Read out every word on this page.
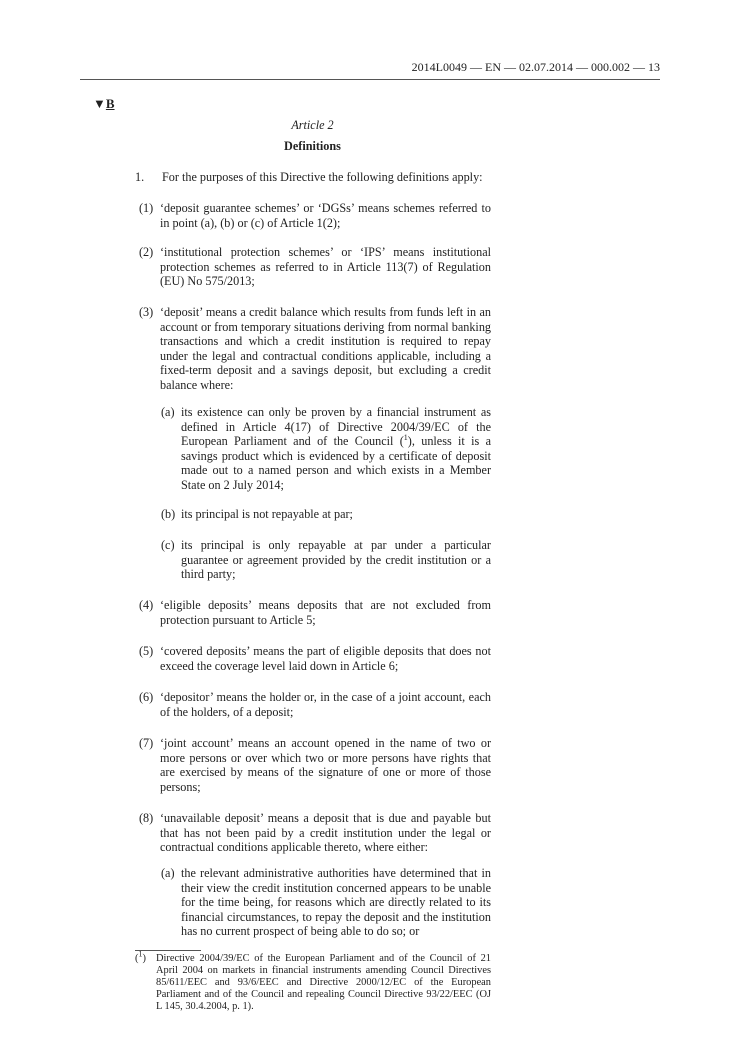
2014L0049 — EN — 02.07.2014 — 000.002 — 13
▼B
Article 2
Definitions
1. For the purposes of this Directive the following definitions apply:
(1) ‘deposit guarantee schemes’ or ‘DGSs’ means schemes referred to in point (a), (b) or (c) of Article 1(2);
(2) ‘institutional protection schemes’ or ‘IPS’ means institutional protection schemes as referred to in Article 113(7) of Regulation (EU) No 575/2013;
(3) ‘deposit’ means a credit balance which results from funds left in an account or from temporary situations deriving from normal banking transactions and which a credit institution is required to repay under the legal and contractual conditions applicable, including a fixed-term deposit and a savings deposit, but excluding a credit balance where:
(a) its existence can only be proven by a financial instrument as defined in Article 4(17) of Directive 2004/39/EC of the European Parliament and of the Council ($^1$), unless it is a savings product which is evidenced by a certificate of deposit made out to a named person and which exists in a Member State on 2 July 2014;
(b) its principal is not repayable at par;
(c) its principal is only repayable at par under a particular guarantee or agreement provided by the credit institution or a third party;
(4) ‘eligible deposits’ means deposits that are not excluded from protection pursuant to Article 5;
(5) ‘covered deposits’ means the part of eligible deposits that does not exceed the coverage level laid down in Article 6;
(6) ‘depositor’ means the holder or, in the case of a joint account, each of the holders, of a deposit;
(7) ‘joint account’ means an account opened in the name of two or more persons or over which two or more persons have rights that are exercised by means of the signature of one or more of those persons;
(8) ‘unavailable deposit’ means a deposit that is due and payable but that has not been paid by a credit institution under the legal or contractual conditions applicable thereto, where either:
(a) the relevant administrative authorities have determined that in their view the credit institution concerned appears to be unable for the time being, for reasons which are directly related to its financial circumstances, to repay the deposit and the institution has no current prospect of being able to do so; or
($^1$) Directive 2004/39/EC of the European Parliament and of the Council of 21 April 2004 on markets in financial instruments amending Council Directives 85/611/EEC and 93/6/EEC and Directive 2000/12/EC of the European Parliament and of the Council and repealing Council Directive 93/22/EEC (OJ L 145, 30.4.2004, p. 1).
